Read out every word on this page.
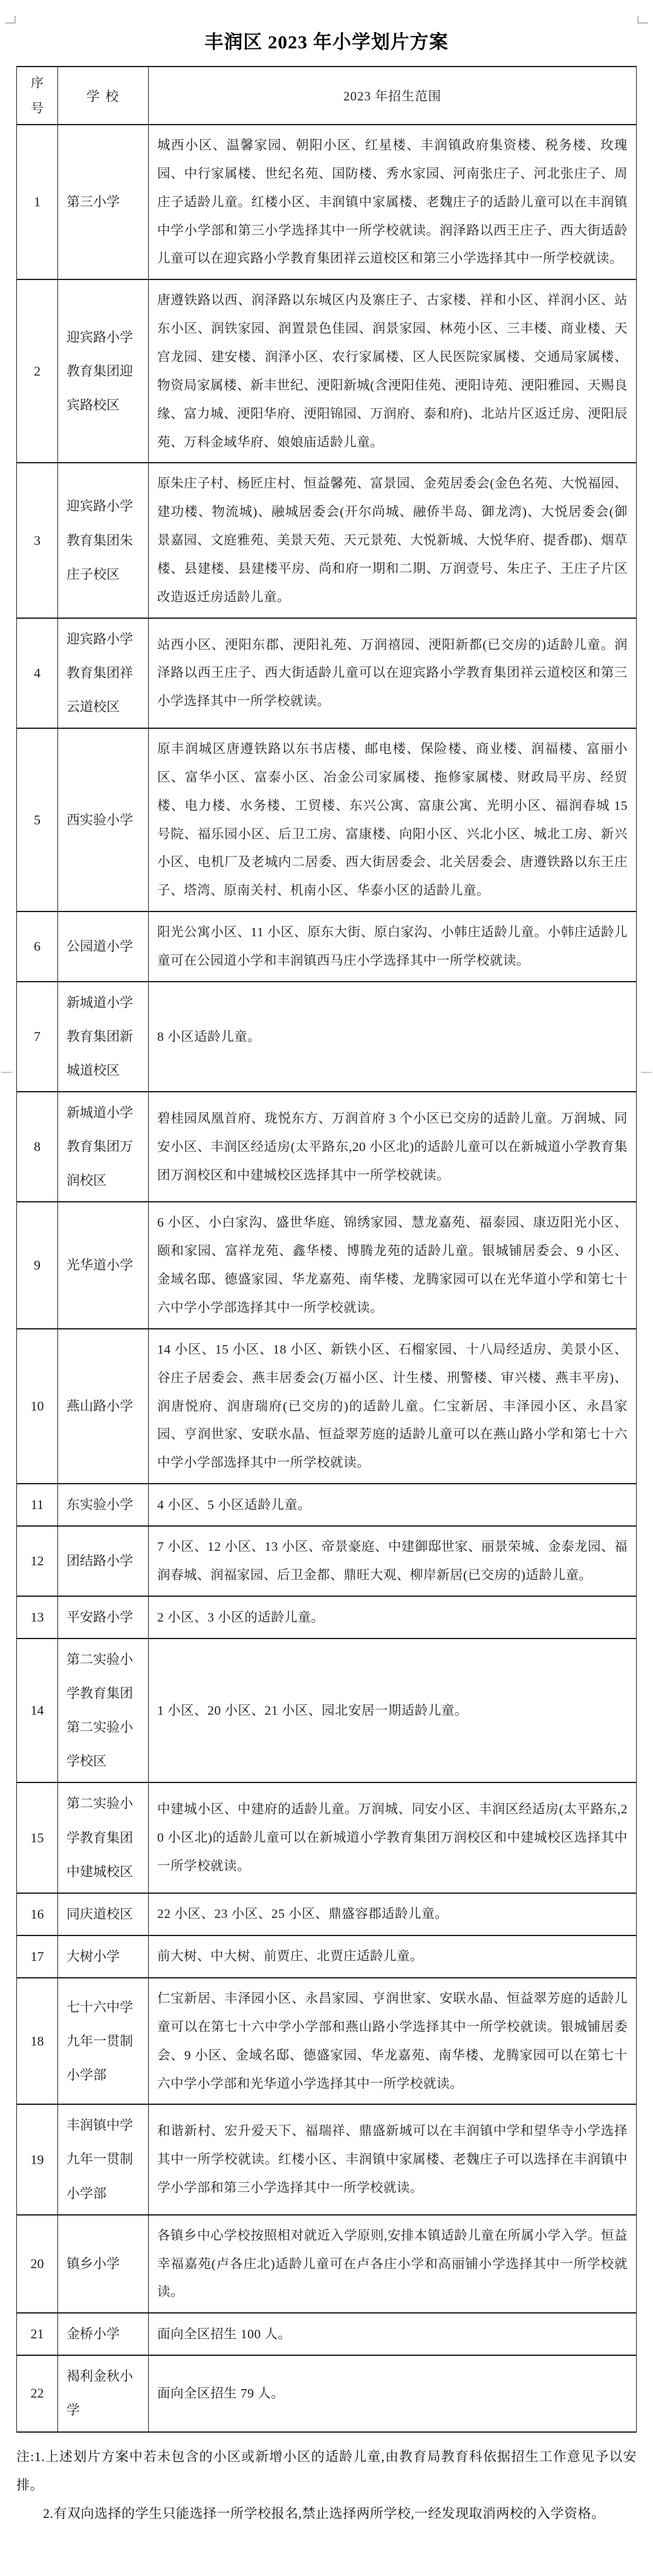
丰润区 2023 年小学划片方案
序号	学 校	2023 年招生范围
1	第三小学	城西小区、温馨家园、朝阳小区、红星楼、丰润镇政府集资楼、税务楼、玫瑰园、中行家属楼、世纪名苑、国防楼、秀水家园、河南张庄子、河北张庄子、周庄子适龄儿童。红楼小区、丰润镇中家属楼、老魏庄子的适龄儿童可以在丰润镇中学小学部和第三小学选择其中一所学校就读。润泽路以西王庄子、西大街适龄儿童可以在迎宾路小学教育集团祥云道校区和第三小学选择其中一所学校就读。
2	迎宾路小学教育集团迎宾路校区	唐遵铁路以西、润泽路以东城区内及寨庄子、古家楼、祥和小区、祥润小区、站东小区、润铁家园、润置景色佳园、润景家园、林苑小区、三丰楼、商业楼、天宫龙园、建安楼、润泽小区、农行家属楼、区人民医院家属楼、交通局家属楼、物资局家属楼、新丰世纪、浭阳新城(含浭阳佳苑、浭阳诗苑、浭阳雅园、天赐良缘、富力城、浭阳华府、浭阳锦园、万润府、泰和府)、北站片区返迁房、浭阳辰苑、万科金域华府、娘娘庙适龄儿童。
3	迎宾路小学教育集团朱庄子校区	原朱庄子村、杨匠庄村、恒益馨苑、富景园、金苑居委会(金色名苑、大悦福园、建功楼、物流城)、融城居委会(开尔尚城、融侨半岛、御龙湾)、大悦居委会(御景嘉园、文庭雅苑、美景天苑、天元景苑、大悦新城、大悦华府、提香郡)、烟草楼、县建楼、县建楼平房、尚和府一期和二期、万润壹号、朱庄子、王庄子片区改造返迁房适龄儿童。
4	迎宾路小学教育集团祥云道校区	站西小区、浭阳东郡、浭阳礼苑、万润禧园、浭阳新都(已交房的)适龄儿童。润泽路以西王庄子、西大街适龄儿童可以在迎宾路小学教育集团祥云道校区和第三小学选择其中一所学校就读。
5	西实验小学	原丰润城区唐遵铁路以东书店楼、邮电楼、保险楼、商业楼、润福楼、富丽小区、富华小区、富泰小区、冶金公司家属楼、拖修家属楼、财政局平房、经贸楼、电力楼、水务楼、工贸楼、东兴公寓、富康公寓、光明小区、福润春城 15 号院、福乐园小区、后卫工房、富康楼、向阳小区、兴北小区、城北工房、新兴小区、电机厂及老城内二居委、西大街居委会、北关居委会、唐遵铁路以东王庄子、塔湾、原南关村、机南小区、华泰小区的适龄儿童。
6	公园道小学	阳光公寓小区、11 小区、原东大街、原白家沟、小韩庄适龄儿童。小韩庄适龄儿童可在公园道小学和丰润镇西马庄小学选择其中一所学校就读。
7	新城道小学教育集团新城道校区	8 小区适龄儿童。
8	新城道小学教育集团万润校区	碧桂园凤凰首府、珑悦东方、万润首府 3 个小区已交房的适龄儿童。万润城、同安小区、丰润区经适房(太平路东,20 小区北)的适龄儿童可以在新城道小学教育集团万润校区和中建城校区选择其中一所学校就读。
9	光华道小学	6 小区、小白家沟、盛世华庭、锦绣家园、慧龙嘉苑、福泰园、康迈阳光小区、颐和家园、富祥龙苑、鑫华楼、博腾龙苑的适龄儿童。银城铺居委会、9 小区、金域名邸、德盛家园、华龙嘉苑、南华楼、龙腾家园可以在光华道小学和第七十六中学小学部选择其中一所学校就读。
10	燕山路小学	14 小区、15 小区、18 小区、新铁小区、石榴家园、十八局经适房、美景小区、谷庄子居委会、燕丰居委会(万福小区、计生楼、刑警楼、审兴楼、燕丰平房)、润唐悦府、润唐瑞府(已交房的)的适龄儿童。仁宝新居、丰泽园小区、永昌家园、亨润世家、安联水晶、恒益翠芳庭的适龄儿童可以在燕山路小学和第七十六中学小学部选择其中一所学校就读。
11	东实验小学	4 小区、5 小区适龄儿童。
12	团结路小学	7 小区、12 小区、13 小区、帝景豪庭、中建御邸世家、丽景荣城、金泰龙园、福润春城、润福家园、后卫金都、鼎旺大观、柳岸新居(已交房的)适龄儿童。
13	平安路小学	2 小区、3 小区的适龄儿童。
14	第二实验小学教育集团第二实验小学校区	1 小区、20 小区、21 小区、园北安居一期适龄儿童。
15	第二实验小学教育集团中建城校区	中建城小区、中建府的适龄儿童。万润城、同安小区、丰润区经适房(太平路东,20 小区北)的适龄儿童可以在新城道小学教育集团万润校区和中建城校区选择其中一所学校就读。
16	同庆道校区	22 小区、23 小区、25 小区、鼎盛容郡适龄儿童。
17	大树小学	前大树、中大树、前贾庄、北贾庄适龄儿童。
18	七十六中学九年一贯制小学部	仁宝新居、丰泽园小区、永昌家园、亨润世家、安联水晶、恒益翠芳庭的适龄儿童可以在第七十六中学小学部和燕山路小学选择其中一所学校就读。银城铺居委会、9 小区、金域名邸、德盛家园、华龙嘉苑、南华楼、龙腾家园可以在第七十六中学小学部和光华道小学选择其中一所学校就读。
19	丰润镇中学九年一贯制小学部	和谐新村、宏升爱天下、福瑞祥、鼎盛新城可以在丰润镇中学和望华寺小学选择其中一所学校就读。红楼小区、丰润镇中家属楼、老魏庄子可以选择在丰润镇中学小学部和第三小学选择其中一所学校就读。
20	镇乡小学	各镇乡中心学校按照相对就近入学原则,安排本镇适龄儿童在所属小学入学。恒益幸福嘉苑(卢各庄北)适龄儿童可在卢各庄小学和高丽铺小学选择其中一所学校就读。
21	金桥小学	面向全区招生 100 人。
22	褐利金秋小学	面向全区招生 79 人。

注:1.上述划片方案中若未包含的小区或新增小区的适龄儿童,由教育局教育科依据招生工作意见予以安排。

2.有双向选择的学生只能选择一所学校报名,禁止选择两所学校,一经发现取消两校的入学资格。
